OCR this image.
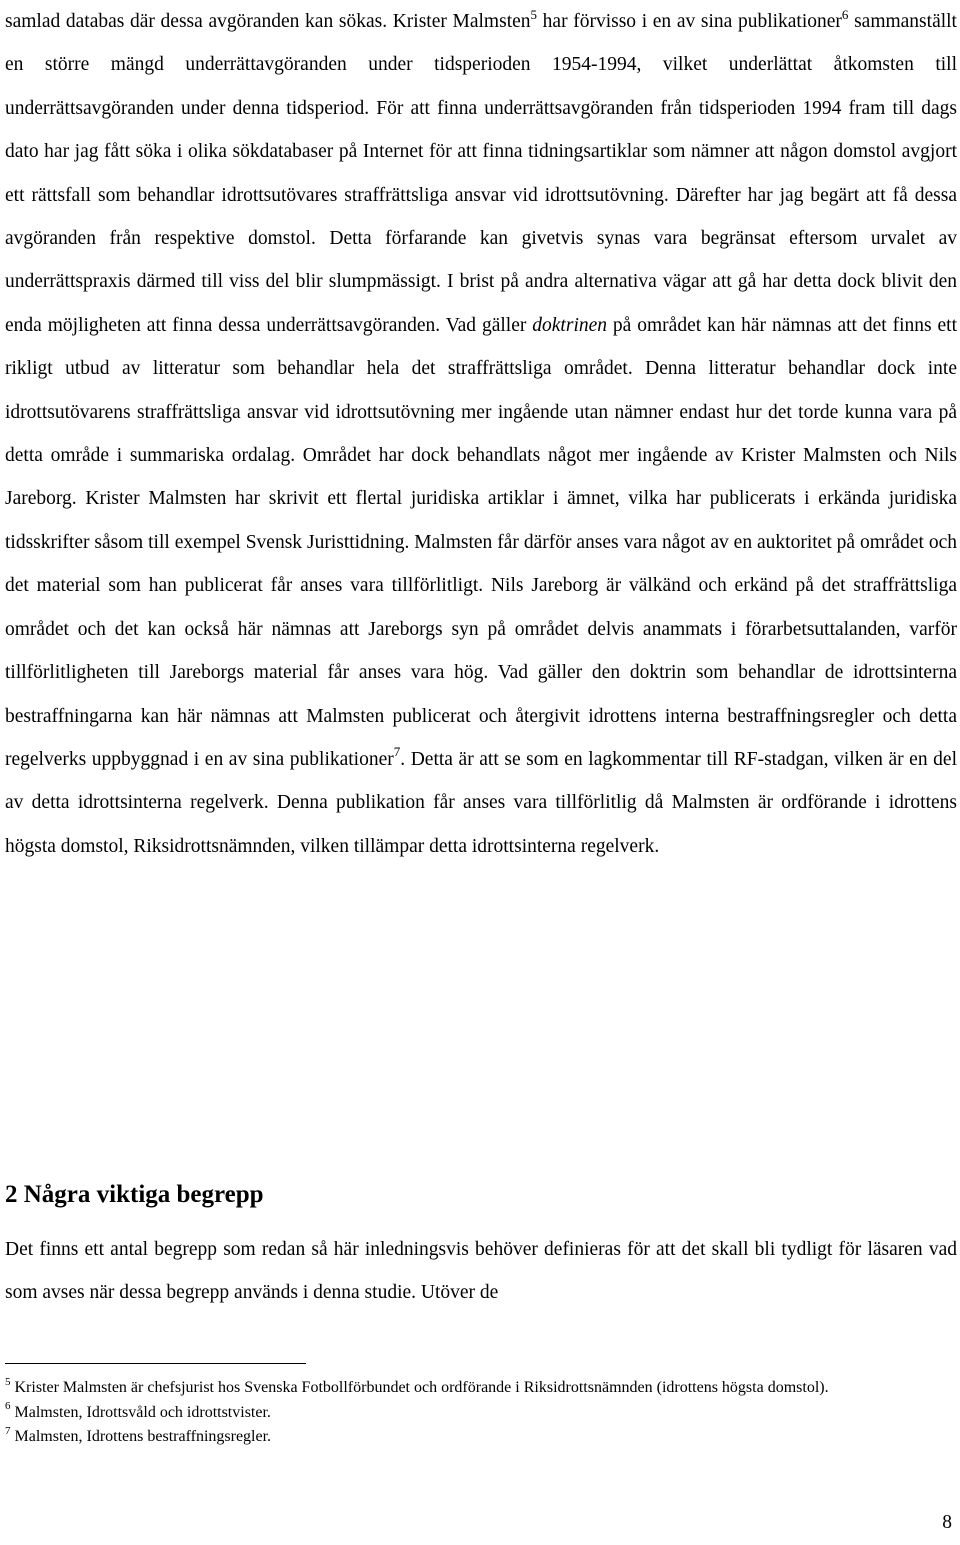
samlad databas där dessa avgöranden kan sökas. Krister Malmsten$^5$ har förvisso i en av sina publikationer$^6$ sammanställt en större mängd underrättavgöranden under tidsperioden 1954-1994, vilket underlättat åtkomsten till underrättsavgöranden under denna tidsperiod. För att finna underrättsavgöranden från tidsperioden 1994 fram till dags dato har jag fått söka i olika sökdatabaser på Internet för att finna tidningsartiklar som nämner att någon domstol avgjort ett rättsfall som behandlar idrottsutövares straffrättsliga ansvar vid idrottsutövning. Därefter har jag begärt att få dessa avgöranden från respektive domstol. Detta förfarande kan givetvis synas vara begränsat eftersom urvalet av underrättspraxis därmed till viss del blir slumpmässigt. I brist på andra alternativa vägar att gå har detta dock blivit den enda möjligheten att finna dessa underrättsavgöranden. Vad gäller doktrinen på området kan här nämnas att det finns ett rikligt utbud av litteratur som behandlar hela det straffrättsliga området. Denna litteratur behandlar dock inte idrottsutövarens straffrättsliga ansvar vid idrottsutövning mer ingående utan nämner endast hur det torde kunna vara på detta område i summariska ordalag. Området har dock behandlats något mer ingående av Krister Malmsten och Nils Jareborg. Krister Malmsten har skrivit ett flertal juridiska artiklar i ämnet, vilka har publicerats i erkända juridiska tidsskrifter såsom till exempel Svensk Juristtidning. Malmsten får därför anses vara något av en auktoritet på området och det material som han publicerat får anses vara tillförlitligt. Nils Jareborg är välkänd och erkänd på det straffrättsliga området och det kan också här nämnas att Jareborgs syn på området delvis anammats i förarbetsuttalanden, varför tillförlitligheten till Jareborgs material får anses vara hög. Vad gäller den doktrin som behandlar de idrottsinterna bestraffningarna kan här nämnas att Malmsten publicerat och återgivit idrottens interna bestraffningsregler och detta regelverks uppbyggnad i en av sina publikationer$^7$. Detta är att se som en lagkommentar till RF-stadgan, vilken är en del av detta idrottsinterna regelverk. Denna publikation får anses vara tillförlitlig då Malmsten är ordförande i idrottens högsta domstol, Riksidrottsnämnden, vilken tillämpar detta idrottsinterna regelverk.

2 Några viktiga begrepp

Det finns ett antal begrepp som redan så här inledningsvis behöver definieras för att det skall bli tydligt för läsaren vad som avses när dessa begrepp används i denna studie. Utöver de

$^5$ Krister Malmsten är chefsjurist hos Svenska Fotbollförbundet och ordförande i Riksidrottsnämnden (idrottens högsta domstol).

$^6$ Malmsten, Idrottsvåld och idrottstvister.

$^7$ Malmsten, Idrottens bestraffningsregler.

8
